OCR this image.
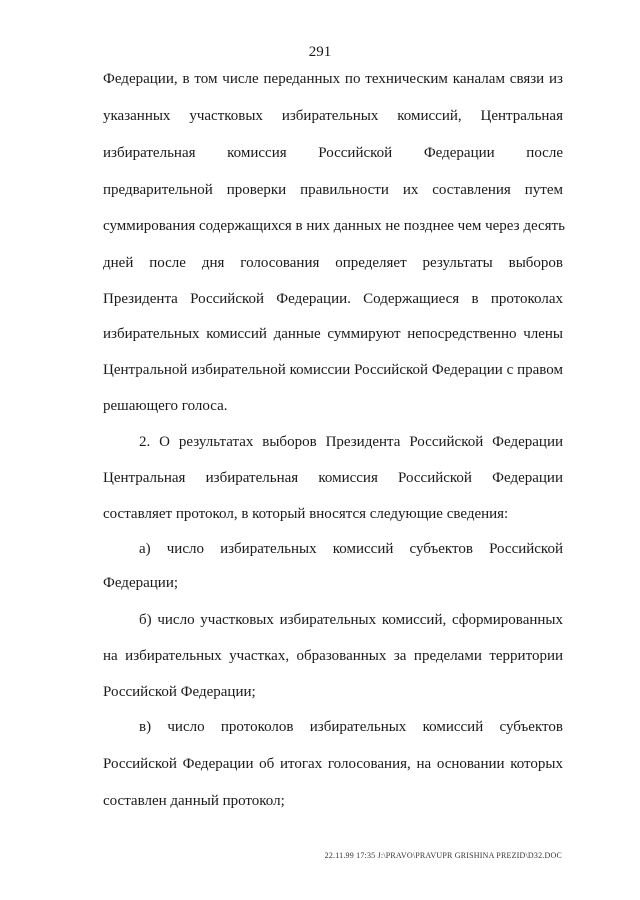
291
Федерации, в том числе переданных по техническим каналам связи из
указанных участковых избирательных комиссий, Центральная
избирательная комиссия Российской Федерации после
предварительной проверки правильности их составления путем
суммирования содержащихся в них данных не позднее чем через десять
дней после дня голосования определяет результаты выборов
Президента Российской Федерации. Содержащиеся в протоколах
избирательных комиссий данные суммируют непосредственно члены
Центральной избирательной комиссии Российской Федерации с правом
решающего голоса.
2. О результатах выборов Президента Российской Федерации
Центральная избирательная комиссия Российской Федерации
составляет протокол, в который вносятся следующие сведения:
а) число избирательных комиссий субъектов Российской
Федерации;
б) число участковых избирательных комиссий, сформированных
на избирательных участках, образованных за пределами территории
Российской Федерации;
в) число протоколов избирательных комиссий субъектов
Российской Федерации об итогах голосования, на основании которых
составлен данный протокол;
22.11.99 17:35 J:\PRAVO\PRAVUPR GRISHINA PREZID\D32.DOC
